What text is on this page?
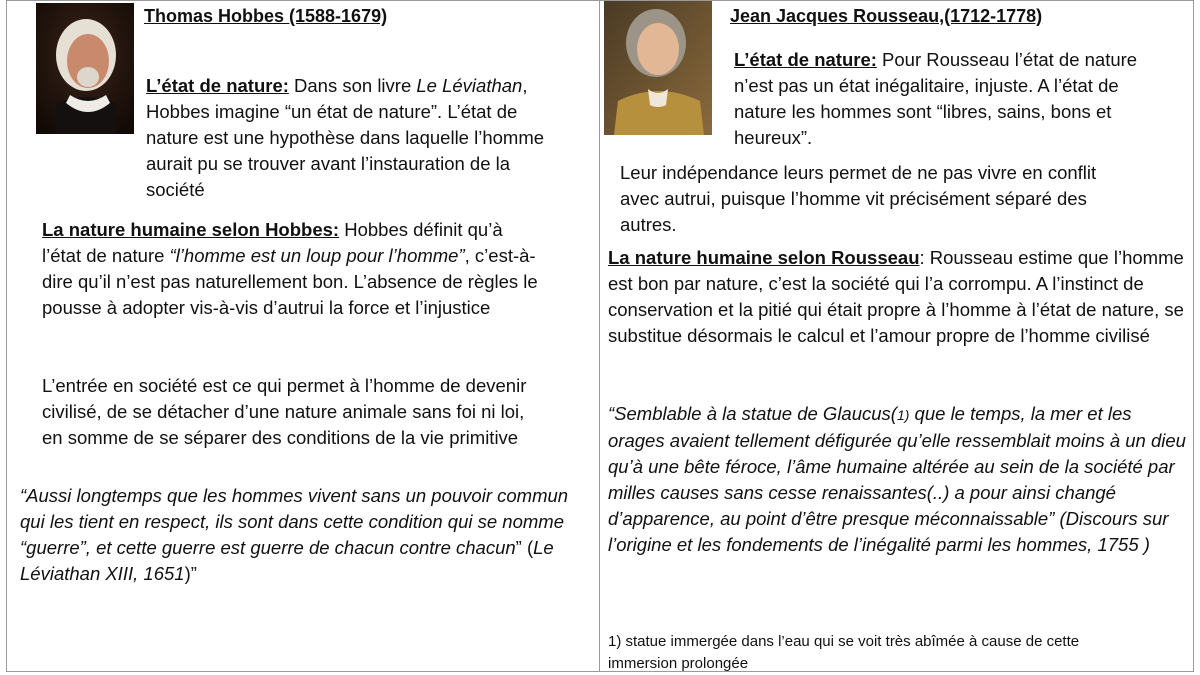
Thomas Hobbes (1588-1679)
L’état de nature: Dans son livre Le Léviathan, Hobbes imagine “un état de nature”. L’état de nature est une hypothèse dans laquelle l’homme aurait pu se trouver avant l’instauration de la société
La nature humaine selon Hobbes: Hobbes définit qu’à l’état de nature “l’homme est un loup pour l’homme”, c’est-à-dire qu’il n’est pas naturellement bon. L’absence de règles le pousse à adopter vis-à-vis d’autrui la force et l’injustice
L’entrée en société est ce qui permet à l’homme de devenir civilisé, de se détacher d’une nature animale sans foi ni loi, en somme de se séparer des conditions de la vie primitive
“Aussi longtemps que les hommes vivent sans un pouvoir commun qui les tient en respect, ils sont dans cette condition qui se nomme “guerre”, et cette guerre est guerre de chacun contre chacun” (Le Léviathan XIII, 1651)”
Jean Jacques Rousseau,(1712-1778)
L’état de nature: Pour Rousseau l’état de nature n’est pas un état inégalitaire, injuste. A l’état de nature les hommes sont “libres, sains, bons et heureux”.
Leur indépendance leurs permet de ne pas vivre en conflit avec autrui, puisque l’homme vit précisément séparé des autres.
La nature humaine selon Rousseau: Rousseau estime que l’homme est bon par nature, c’est la société qui l’a corrompu. A l’instinct de conservation et la pitié qui était propre à l’homme à l’état de nature, se substitue désormais le calcul et l’amour propre de l’homme civilisé
“Semblable à la statue de Glaucus(1) que le temps, la mer et les orages avaient tellement défigurée qu’elle ressemblait moins à un dieu qu’à une bête féroce, l’âme humaine altérée au sein de la société par milles causes sans cesse renaissantes(..) a pour ainsi changé d’apparence, au point d’être presque méconnaissable” (Discours sur l’origine et les fondements de l’inégalité parmi les hommes, 1755 )
1) statue immergée dans l’eau qui se voit très abîmée à cause de cette immersion prolongée
